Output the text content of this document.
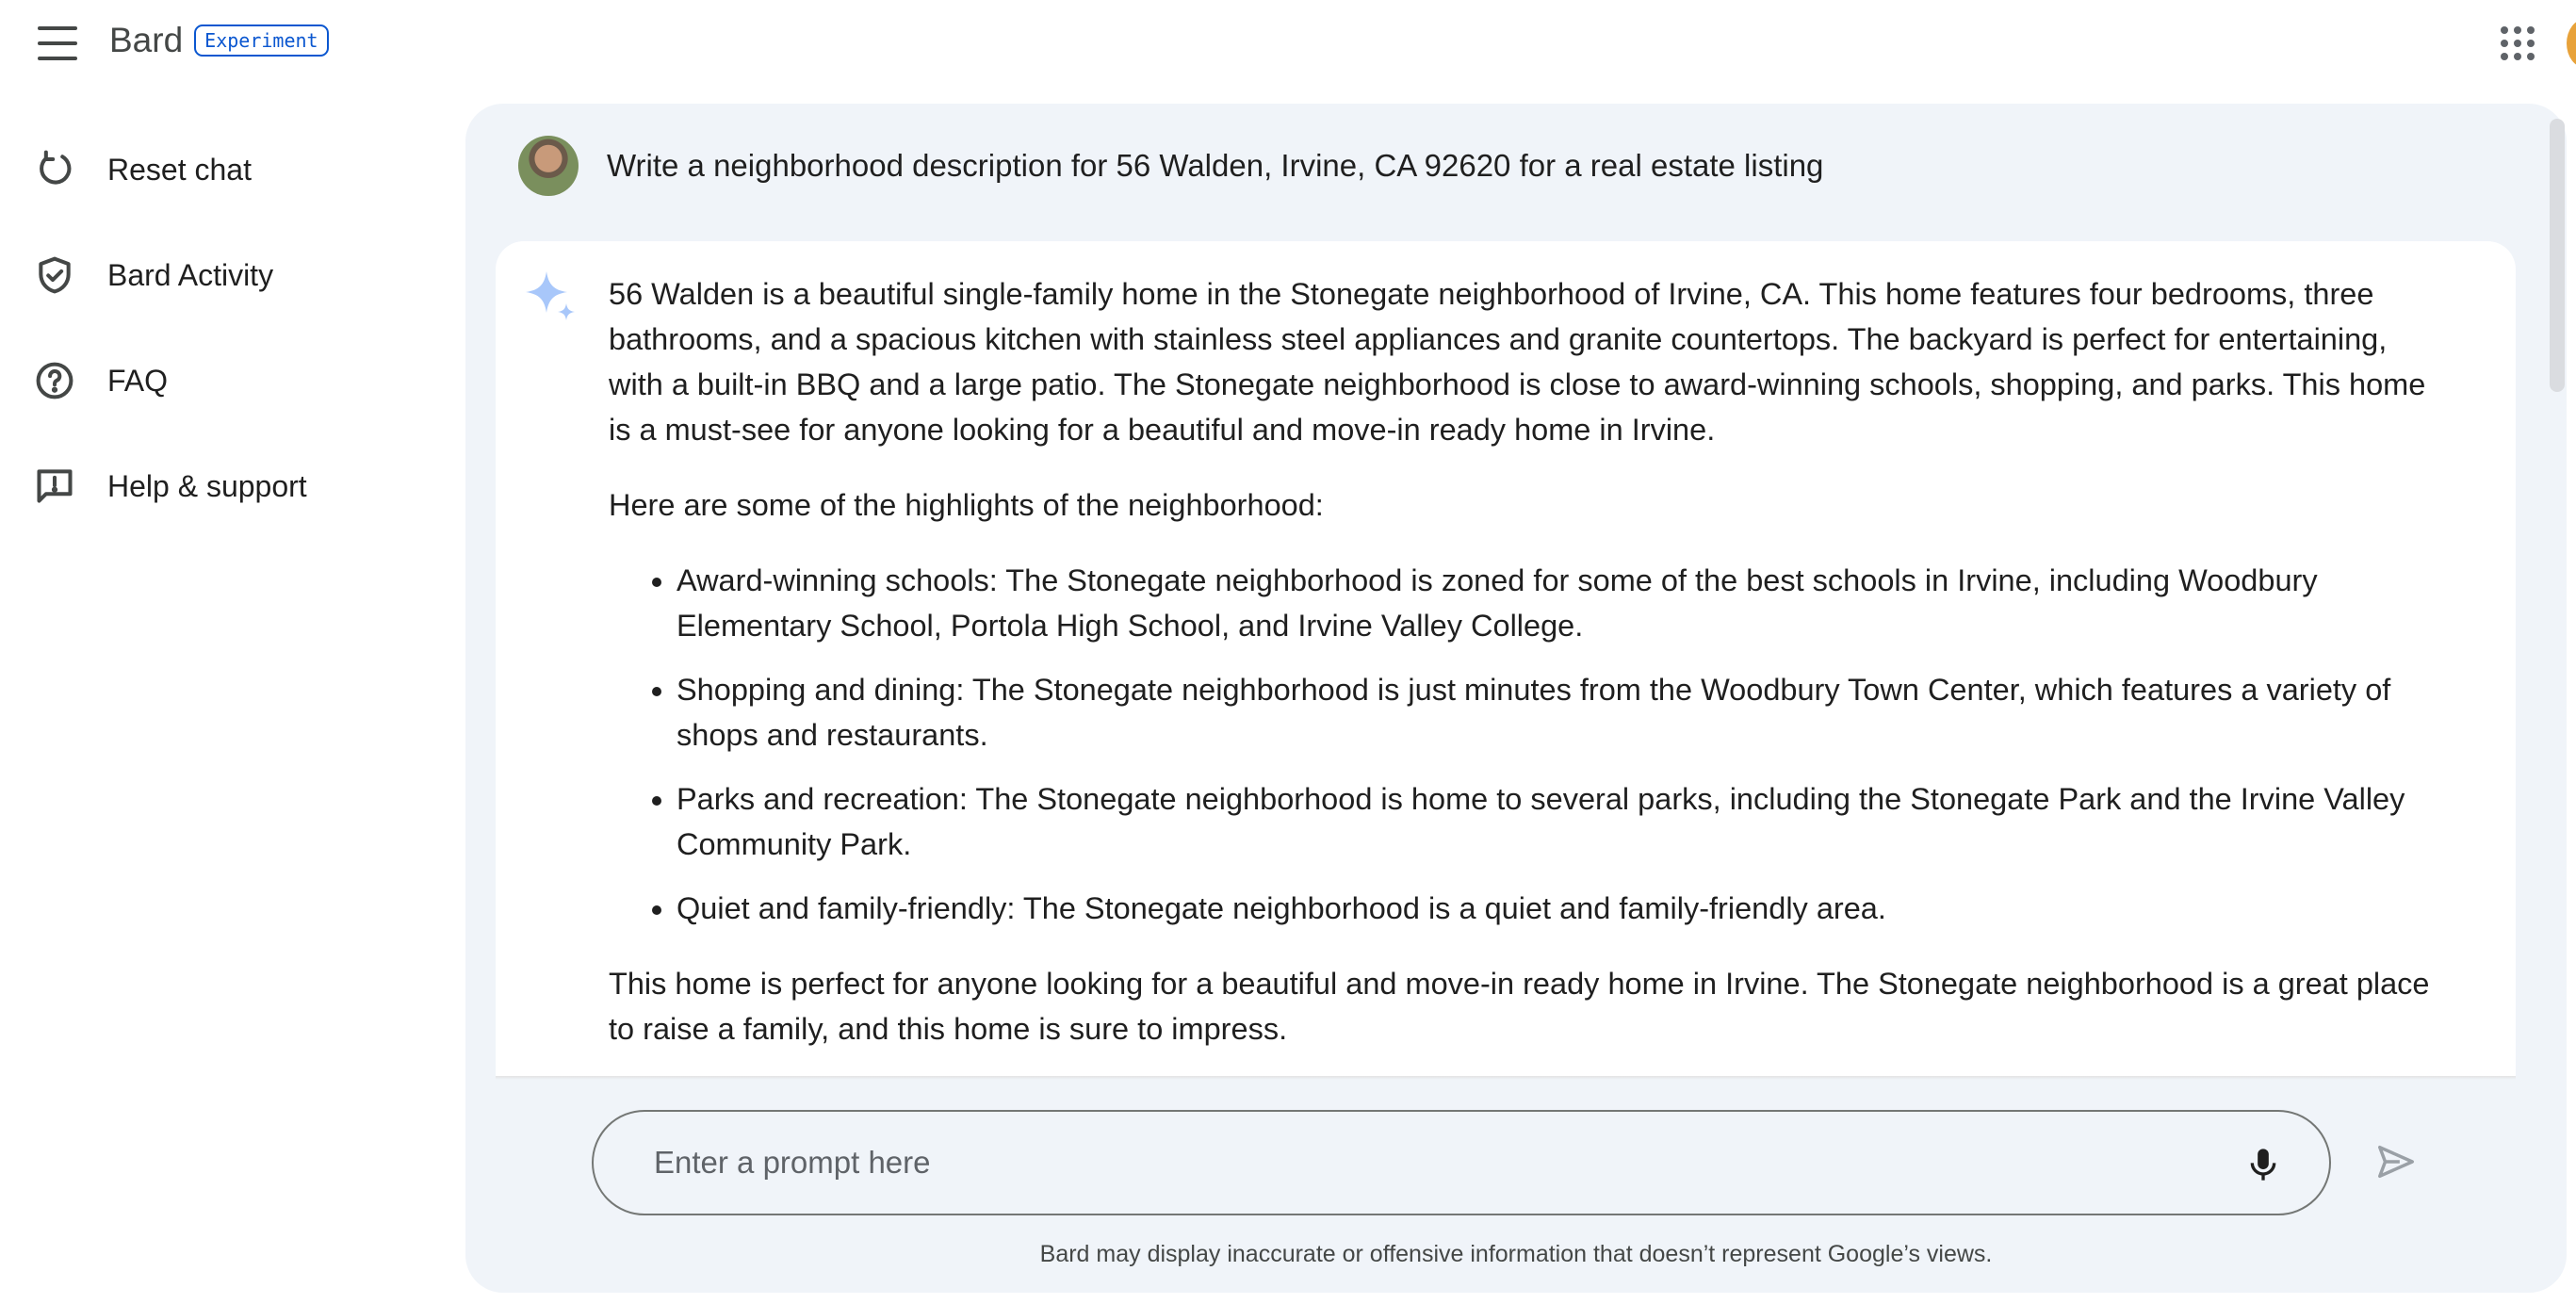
Bard	Experiment
Reset chat
Bard Activity
FAQ
Help & support
Write a neighborhood description for 56 Walden, Irvine, CA 92620 for a real estate listing

56 Walden is a beautiful single-family home in the Stonegate neighborhood of Irvine, CA. This home features four bedrooms, three bathrooms, and a spacious kitchen with stainless steel appliances and granite countertops. The backyard is perfect for entertaining, with a built-in BBQ and a large patio. The Stonegate neighborhood is close to award-winning schools, shopping, and parks. This home is a must-see for anyone looking for a beautiful and move-in ready home in Irvine.

Here are some of the highlights of the neighborhood:

• Award-winning schools: The Stonegate neighborhood is zoned for some of the best schools in Irvine, including Woodbury Elementary School, Portola High School, and Irvine Valley College.
• Shopping and dining: The Stonegate neighborhood is just minutes from the Woodbury Town Center, which features a variety of shops and restaurants.
• Parks and recreation: The Stonegate neighborhood is home to several parks, including the Stonegate Park and the Irvine Valley Community Park.
• Quiet and family-friendly: The Stonegate neighborhood is a quiet and family-friendly area.

This home is perfect for anyone looking for a beautiful and move-in ready home in Irvine. The Stonegate neighborhood is a great place to raise a family, and this home is sure to impress.

Enter a prompt here
Bard may display inaccurate or offensive information that doesn’t represent Google’s views.
